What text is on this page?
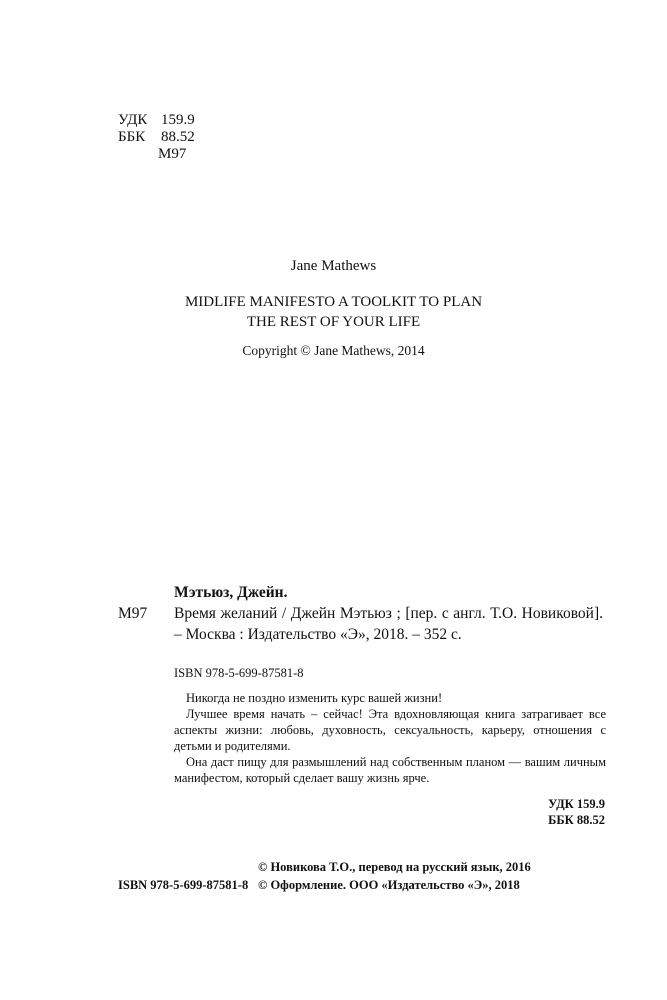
УДК 159.9
ББК	88.52
М97
Jane Mathews
MIDLIFE MANIFESTO A TOOLKIT TO PLAN
THE REST OF YOUR LIFE
Copyright © Jane Mathews, 2014
Мэтьюз, Джейн.
М97	Время желаний / Джейн Мэтьюз ; [пер. с англ. Т.О. Новиковой]. – Москва : Издательство «Э», 2018. – 352 с.
ISBN 978-5-699-87581-8

Никогда не поздно изменить курс вашей жизни!

Лучшее время начать – сейчас! Эта вдохновляющая книга затрагивает все аспекты жизни: любовь, духовность, сексуальность, карьеру, отношения с детьми и родителями.

Она даст пищу для размышлений над собственным планом — вашим личным манифестом, который сделает вашу жизнь ярче.

УДК 159.9
ББК 88.52
© Новикова Т.О., перевод на русский язык, 2016
ISBN 978-5-699-87581-8 © Оформление. ООО «Издательство «Э», 2018
